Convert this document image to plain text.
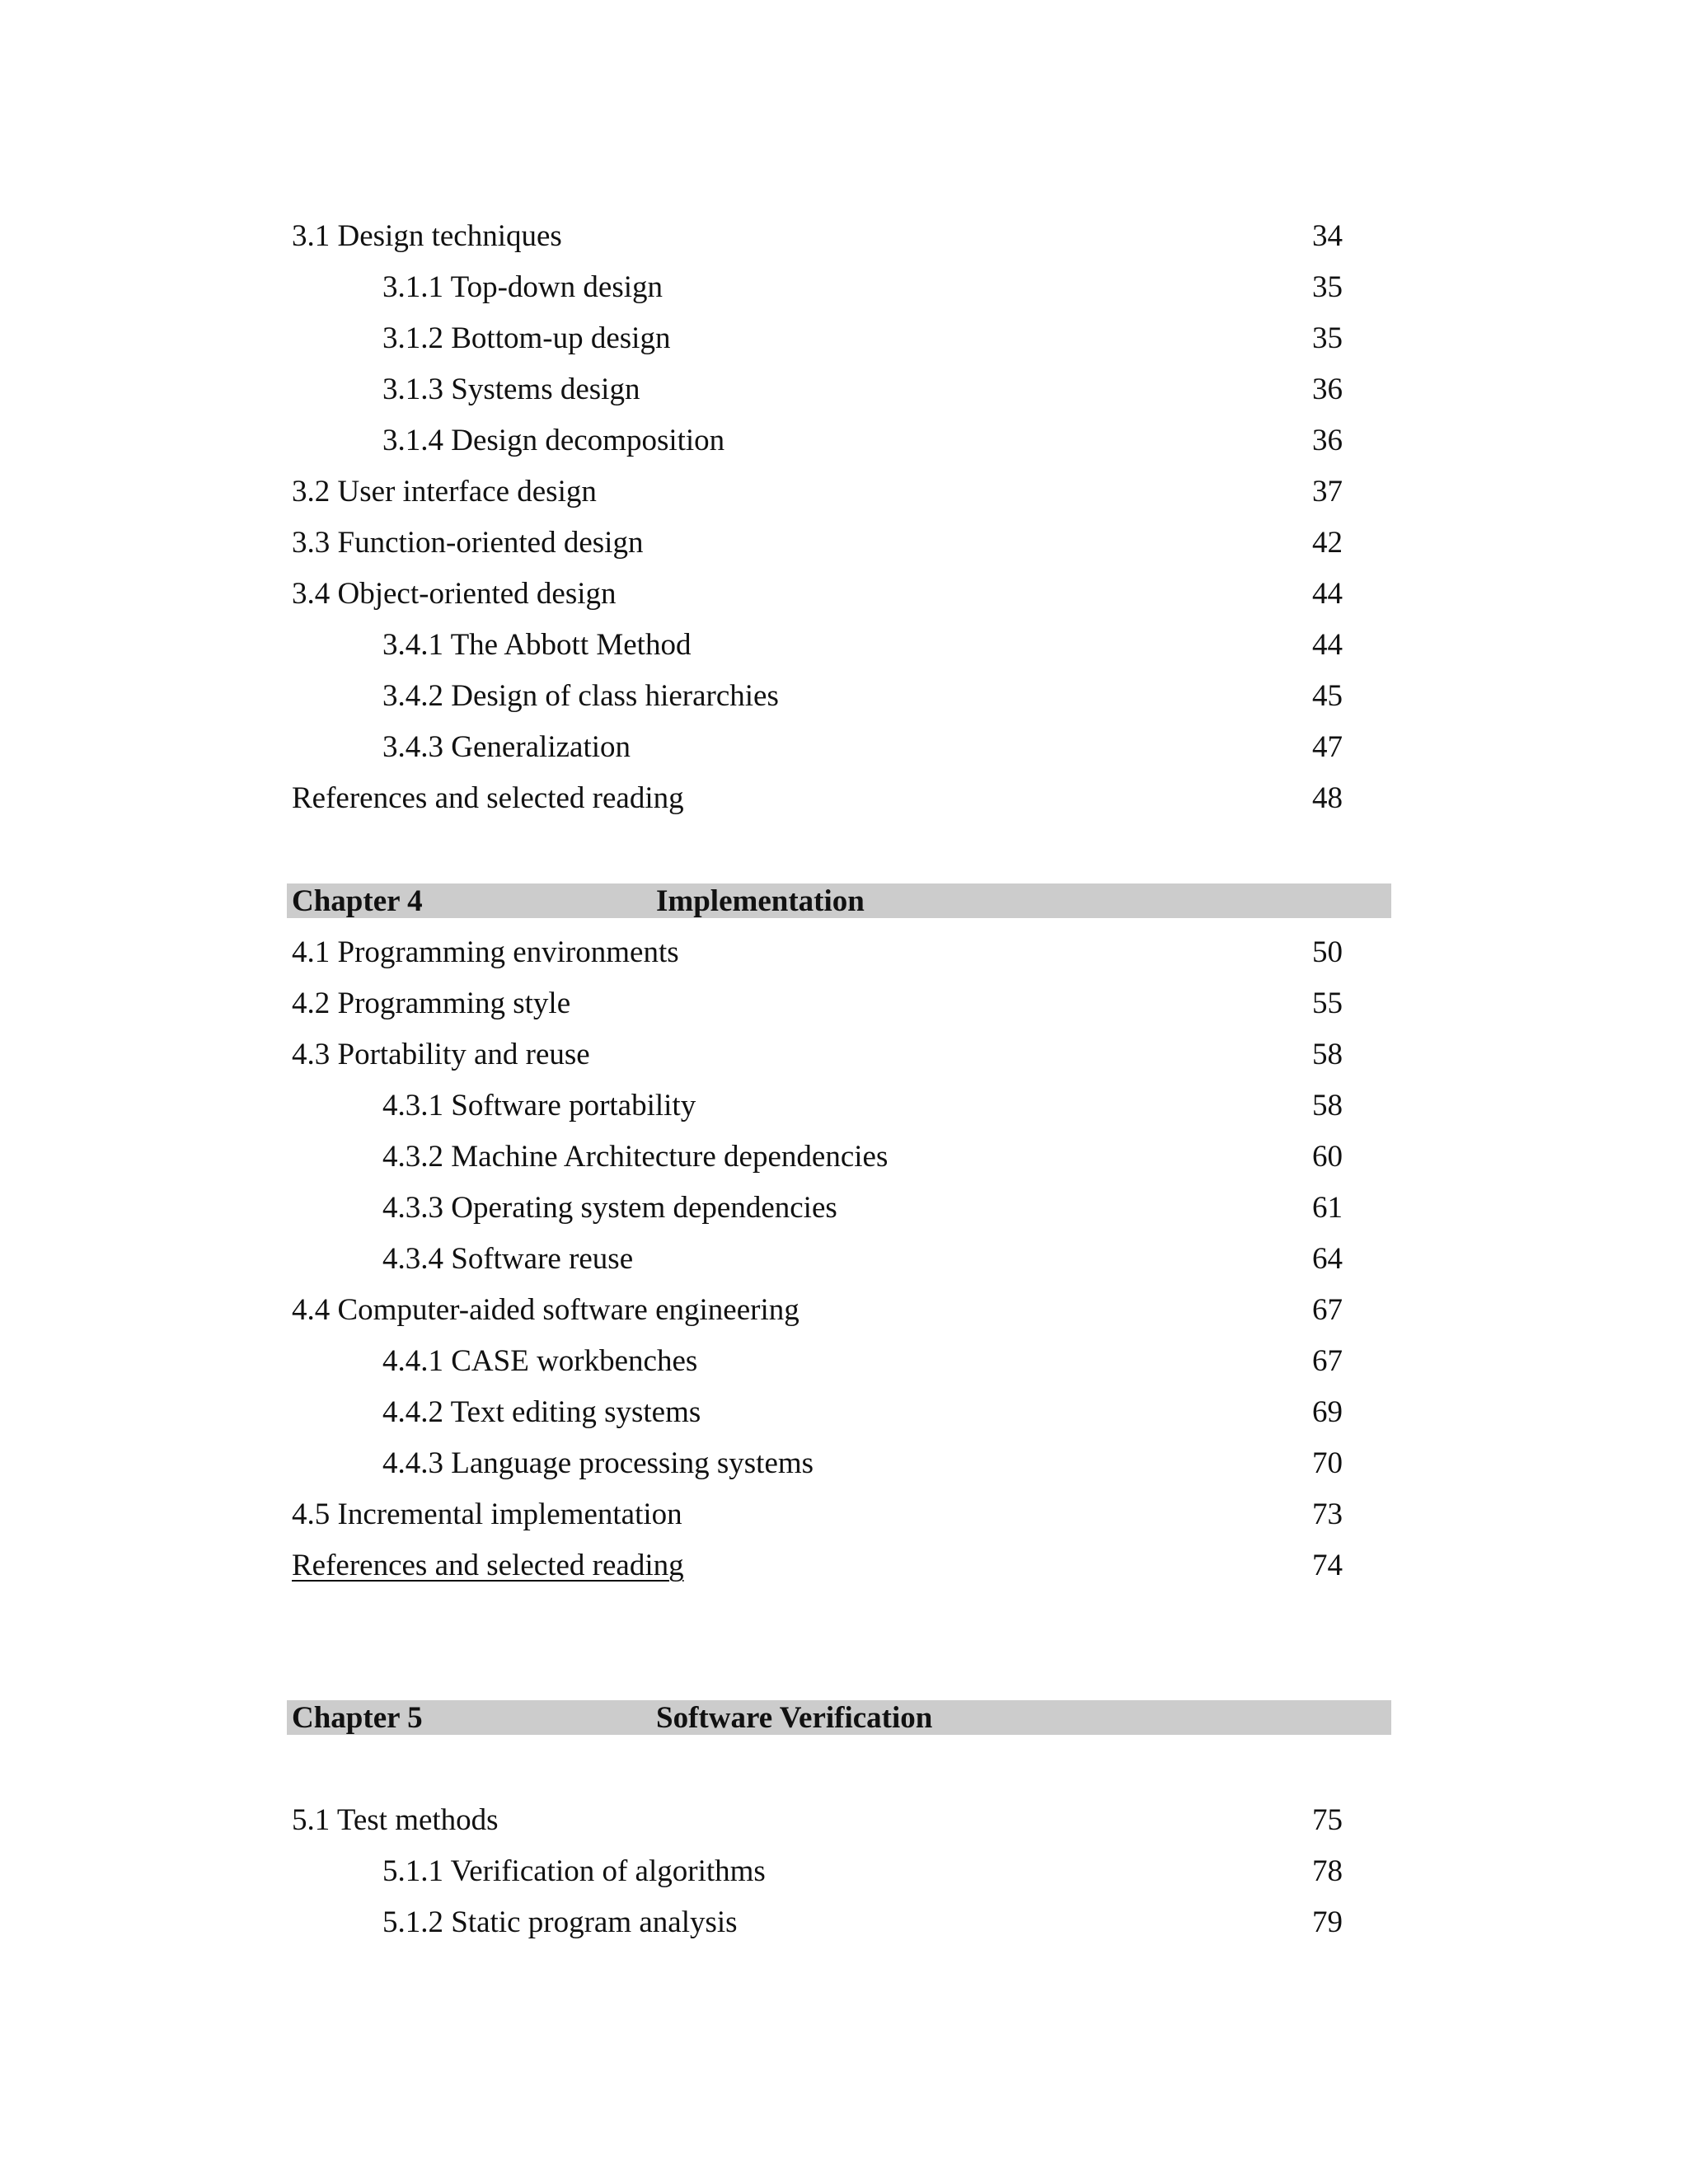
3.1 Design techniques	34
3.1.1 Top-down design	35
3.1.2 Bottom-up design	35
3.1.3 Systems design	36
3.1.4 Design decomposition	36
3.2 User interface design	37
3.3 Function-oriented design	42
3.4 Object-oriented design	44
3.4.1 The Abbott Method	44
3.4.2 Design of class hierarchies	45
3.4.3 Generalization	47
References and selected reading	48
Chapter 4	Implementation
4.1 Programming environments	50
4.2 Programming style	55
4.3 Portability and reuse	58
4.3.1 Software portability	58
4.3.2 Machine Architecture dependencies	60
4.3.3 Operating system dependencies	61
4.3.4 Software reuse	64
4.4 Computer-aided software engineering	67
4.4.1 CASE workbenches	67
4.4.2 Text editing systems	69
4.4.3 Language processing systems	70
4.5 Incremental implementation	73
References and selected reading	74
Chapter 5	Software Verification
5.1 Test methods	75
5.1.1 Verification of algorithms	78
5.1.2 Static program analysis	79
